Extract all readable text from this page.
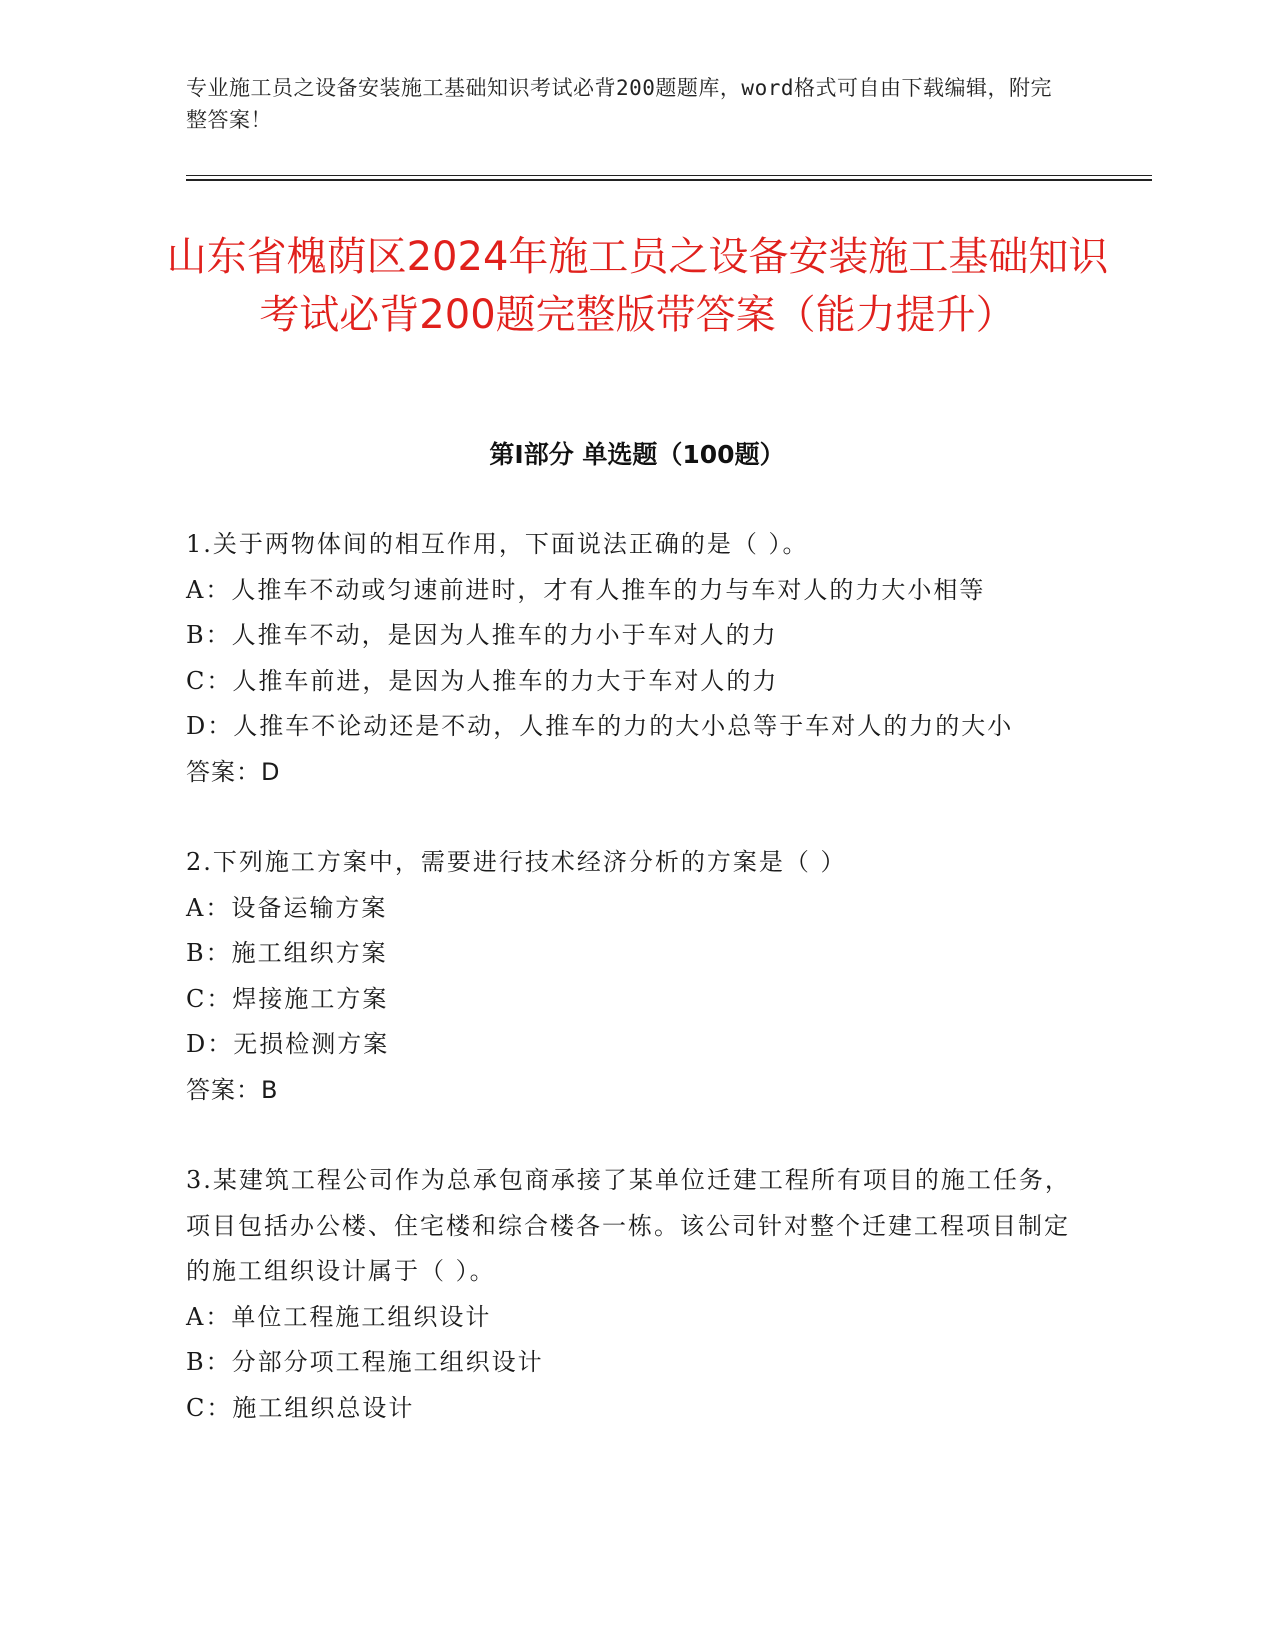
专业施工员之设备安装施工基础知识考试必背200题题库，word格式可自由下载编辑，附完整答案！
山东省槐荫区2024年施工员之设备安装施工基础知识考试必背200题完整版带答案（能力提升）
第Ⅰ部分 单选题（100题）

1.关于两物体间的相互作用，下面说法正确的是（ ）。

A：人推车不动或匀速前进时，才有人推车的力与车对人的力大小相等

B：人推车不动，是因为人推车的力小于车对人的力

C：人推车前进，是因为人推车的力大于车对人的力

D：人推车不论动还是不动，人推车的力的大小总等于车对人的力的大小

答案：D

2.下列施工方案中，需要进行技术经济分析的方案是（ ）

A：设备运输方案

B：施工组织方案

C：焊接施工方案

D：无损检测方案

答案：B

3.某建筑工程公司作为总承包商承接了某单位迁建工程所有项目的施工任务，项目包括办公楼、住宅楼和综合楼各一栋。该公司针对整个迁建工程项目制定的施工组织设计属于（ ）。

A：单位工程施工组织设计

B：分部分项工程施工组织设计

C：施工组织总设计
